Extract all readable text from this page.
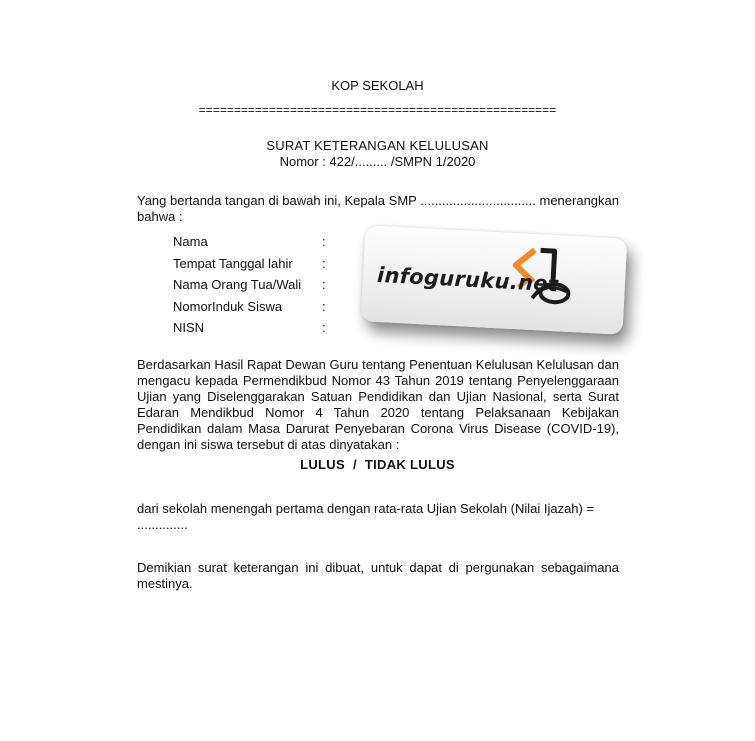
KOP SEKOLAH
===================================================
SURAT KETERANGAN KELULUSAN
Nomor : 422/......... /SMPN 1/2020
Yang bertanda tangan di bawah ini, Kepala SMP ................................ menerangkan bahwa :
Nama	:
Tempat Tanggal lahir :
Nama Orang Tua/Wali :
NomorInduk Siswa	:
NISN	:
Berdasarkan Hasil Rapat Dewan Guru tentang Penentuan Kelulusan Kelulusan dan mengacu kepada Permendikbud Nomor 43 Tahun 2019 tentang Penyelenggaraan Ujian yang Diselenggarakan Satuan Pendidikan dan Ujian Nasional, serta Surat Edaran Mendikbud Nomor 4 Tahun 2020 tentang Pelaksanaan Kebijakan Pendidikan dalam Masa Darurat Penyebaran Corona Virus Disease (COVID-19), dengan ini siswa tersebut di atas dinyatakan :
LULUS / TIDAK LULUS
dari sekolah menengah pertama dengan rata-rata Ujian Sekolah (Nilai Ijazah) = ..............
Demikian surat keterangan ini dibuat, untuk dapat di pergunakan sebagaimana mestinya.
infoguruku.net
